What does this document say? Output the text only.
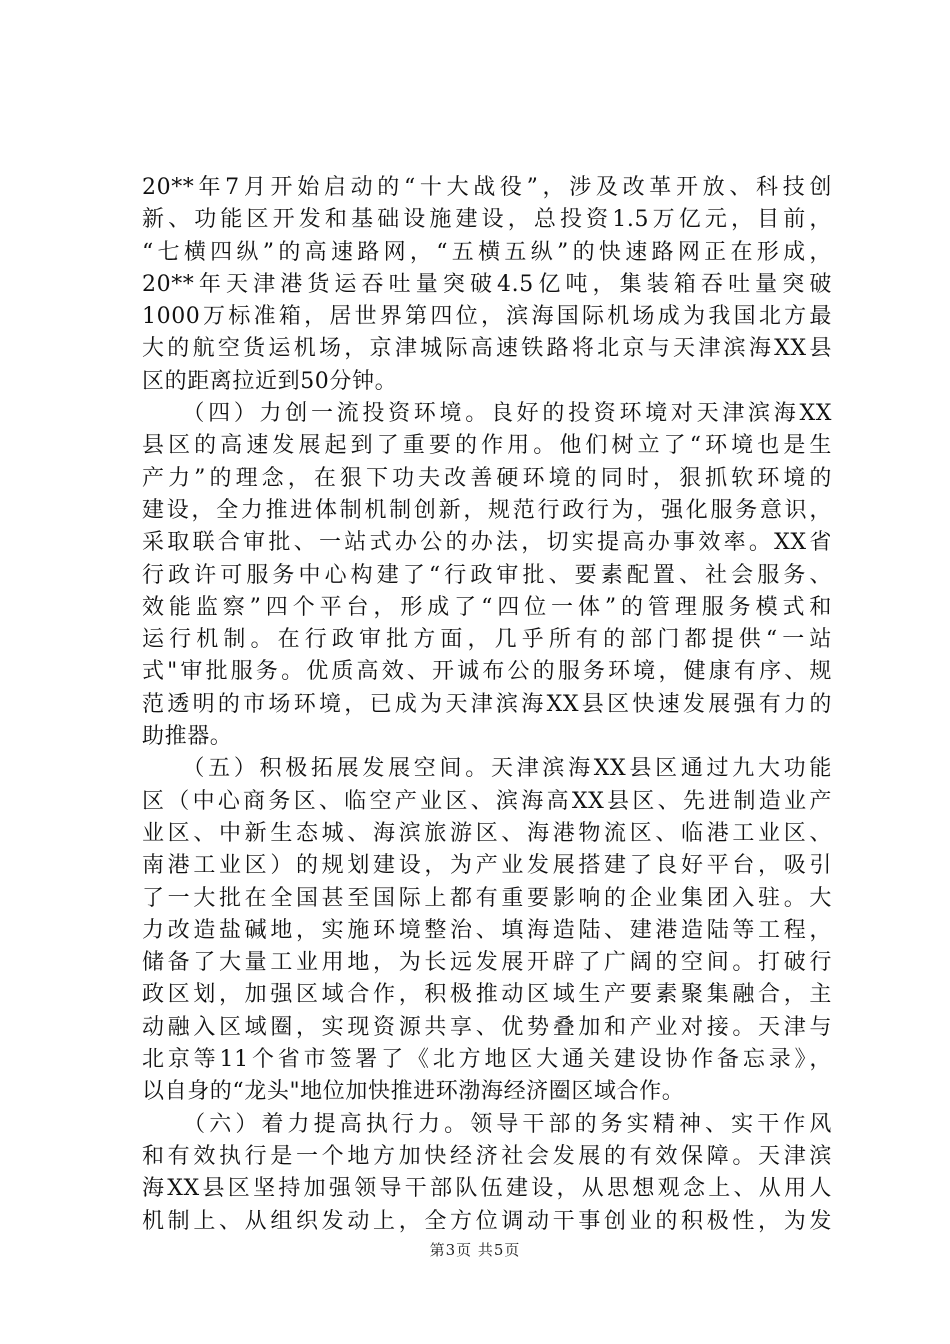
20**年7月开始启动的“十大战役”，涉及改革开放、科技创
新、功能区开发和基础设施建设，总投资1.5万亿元，目前，
“七横四纵”的高速路网，“五横五纵”的快速路网正在形成，
20**年天津港货运吞吐量突破4.5亿吨，集装箱吞吐量突破
1000万标准箱，居世界第四位，滨海国际机场成为我国北方最
大的航空货运机场，京津城际高速铁路将北京与天津滨海XX县
区的距离拉近到50分钟。
　　（四）力创一流投资环境。良好的投资环境对天津滨海XX
县区的高速发展起到了重要的作用。他们树立了“环境也是生
产力”的理念，在狠下功夫改善硬环境的同时，狠抓软环境的
建设，全力推进体制机制创新，规范行政行为，强化服务意识，
采取联合审批、一站式办公的办法，切实提高办事效率。XX省
行政许可服务中心构建了“行政审批、要素配置、社会服务、
效能监察”四个平台，形成了“四位一体”的管理服务模式和
运行机制。在行政审批方面，几乎所有的部门都提供“一站
式"审批服务。优质高效、开诚布公的服务环境，健康有序、规
范透明的市场环境，已成为天津滨海XX县区快速发展强有力的
助推器。
　　（五）积极拓展发展空间。天津滨海XX县区通过九大功能
区（中心商务区、临空产业区、滨海高XX县区、先进制造业产
业区、中新生态城、海滨旅游区、海港物流区、临港工业区、
南港工业区）的规划建设，为产业发展搭建了良好平台，吸引
了一大批在全国甚至国际上都有重要影响的企业集团入驻。大
力改造盐碱地，实施环境整治、填海造陆、建港造陆等工程，
储备了大量工业用地，为长远发展开辟了广阔的空间。打破行
政区划，加强区域合作，积极推动区域生产要素聚集融合，主
动融入区域圈，实现资源共享、优势叠加和产业对接。天津与
北京等11个省市签署了《北方地区大通关建设协作备忘录》，
以自身的“龙头"地位加快推进环渤海经济圈区域合作。
　　（六）着力提高执行力。领导干部的务实精神、实干作风
和有效执行是一个地方加快经济社会发展的有效保障。天津滨
海XX县区坚持加强领导干部队伍建设，从思想观念上、从用人
机制上、从组织发动上，全方位调动干事创业的积极性，为发
第3页 共5页
